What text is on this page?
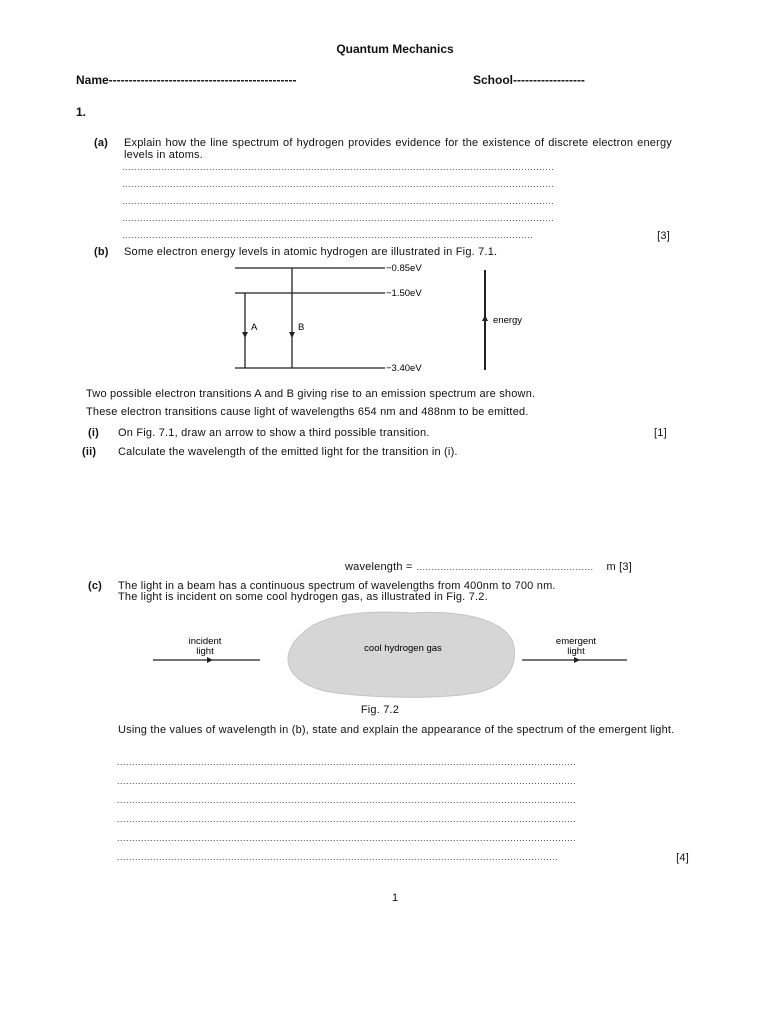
Quantum Mechanics
Name-----------------------------------------------	School------------------
1.
(a) Explain how the line spectrum of hydrogen provides evidence for the existence of discrete electron energy levels in atoms.
................................................................................................................................................
................................................................................................................................................
................................................................................................................................................
................................................................................................................................................
.........................................................................................................................................	[3]
(b) Some electron energy levels in atomic hydrogen are illustrated in Fig. 7.1.
−0.85eV
−1.50eV
−3.40eV
A	B
energy
Two possible electron transitions A and B giving rise to an emission spectrum are shown.
These electron transitions cause light of wavelengths 654 nm and 488nm to be emitted.
(i) On Fig. 7.1, draw an arrow to show a third possible transition.	[1]
(ii) Calculate the wavelength of the emitted light for the transition in (i).
wavelength = ...........................................................	m [3]
(c) The light in a beam has a continuous spectrum of wavelengths from 400nm to 700 nm.
The light is incident on some cool hydrogen gas, as illustrated in Fig. 7.2.
incident
light	cool hydrogen gas
emergent
light
Fig. 7.2
Using the values of wavelength in (b), state and explain the appearance of the spectrum of the emergent light.
.........................................................................................................................................................
.........................................................................................................................................................
.........................................................................................................................................................
.........................................................................................................................................................
.........................................................................................................................................................
...................................................................................................................................................	[4]
1
